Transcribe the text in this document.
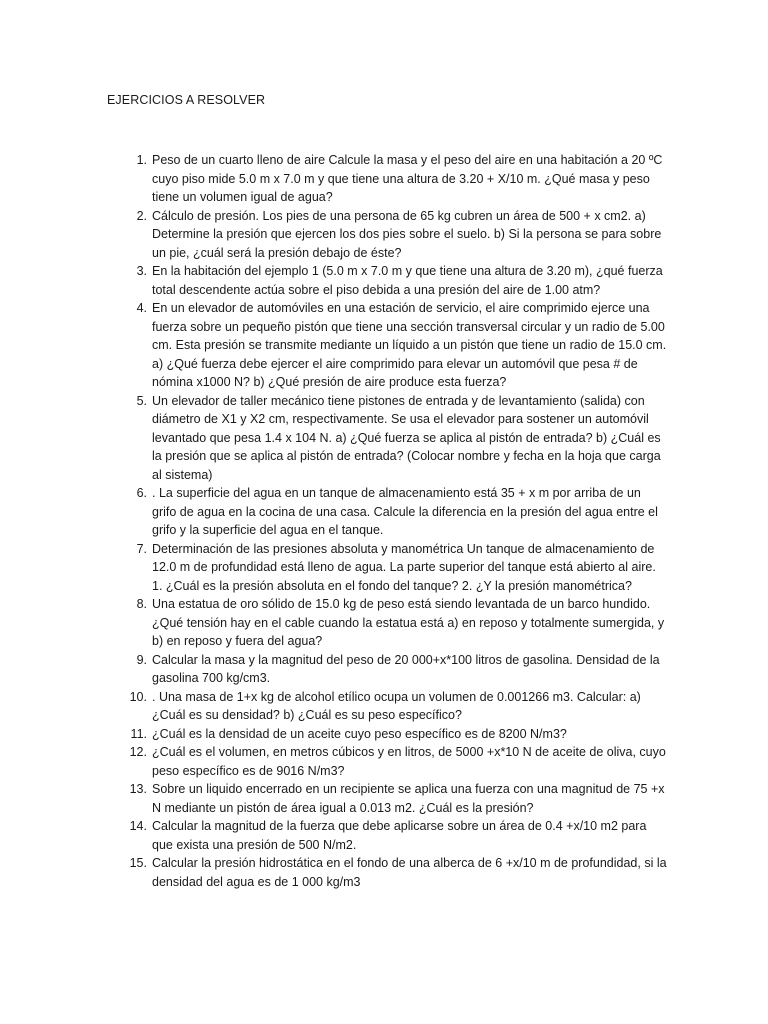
EJERCICIOS A RESOLVER
1. Peso de un cuarto lleno de aire Calcule la masa y el peso del aire en una habitación a 20 ºC cuyo piso mide 5.0 m x 7.0 m y que tiene una altura de 3.20 + X/10 m. ¿Qué masa y peso tiene un volumen igual de agua?
2. Cálculo de presión. Los pies de una persona de 65 kg cubren un área de 500 + x cm2. a) Determine la presión que ejercen los dos pies sobre el suelo. b) Si la persona se para sobre un pie, ¿cuál será la presión debajo de éste?
3. En la habitación del ejemplo 1 (5.0 m x 7.0 m y que tiene una altura de 3.20 m), ¿qué fuerza total descendente actúa sobre el piso debida a una presión del aire de 1.00 atm?
4. En un elevador de automóviles en una estación de servicio, el aire comprimido ejerce una fuerza sobre un pequeño pistón que tiene una sección transversal circular y un radio de 5.00 cm. Esta presión se transmite mediante un líquido a un pistón que tiene un radio de 15.0 cm. a) ¿Qué fuerza debe ejercer el aire comprimido para elevar un automóvil que pesa # de nómina x1000 N? b) ¿Qué presión de aire produce esta fuerza?
5. Un elevador de taller mecánico tiene pistones de entrada y de levantamiento (salida) con diámetro de X1 y X2 cm, respectivamente. Se usa el elevador para sostener un automóvil levantado que pesa 1.4 x 104 N. a) ¿Qué fuerza se aplica al pistón de entrada? b) ¿Cuál es la presión que se aplica al pistón de entrada? (Colocar nombre y fecha en la hoja que carga al sistema)
6. . La superficie del agua en un tanque de almacenamiento está 35 + x m por arriba de un grifo de agua en la cocina de una casa. Calcule la diferencia en la presión del agua entre el grifo y la superficie del agua en el tanque.
7. Determinación de las presiones absoluta y manométrica Un tanque de almacenamiento de 12.0 m de profundidad está lleno de agua. La parte superior del tanque está abierto al aire. 1. ¿Cuál es la presión absoluta en el fondo del tanque? 2. ¿Y la presión manométrica?
8. Una estatua de oro sólido de 15.0 kg de peso está siendo levantada de un barco hundido. ¿Qué tensión hay en el cable cuando la estatua está a) en reposo y totalmente sumergida, y b) en reposo y fuera del agua?
9. Calcular la masa y la magnitud del peso de 20 000+x*100 litros de gasolina. Densidad de la gasolina 700 kg/cm3.
10. . Una masa de 1+x kg de alcohol etílico ocupa un volumen de 0.001266 m3. Calcular: a) ¿Cuál es su densidad? b) ¿Cuál es su peso específico?
11. ¿Cuál es la densidad de un aceite cuyo peso específico es de 8200 N/m3?
12. ¿Cuál es el volumen, en metros cúbicos y en litros, de 5000 +x*10 N de aceite de oliva, cuyo peso específico es de 9016 N/m3?
13. Sobre un liquido encerrado en un recipiente se aplica una fuerza con una magnitud de 75 +x N mediante un pistón de área igual a 0.013 m2. ¿Cuál es la presión?
14. Calcular la magnitud de la fuerza que debe aplicarse sobre un área de 0.4 +x/10 m2 para que exista una presión de 500 N/m2.
15. Calcular la presión hidrostática en el fondo de una alberca de 6 +x/10 m de profundidad, si la densidad del agua es de 1 000 kg/m3
